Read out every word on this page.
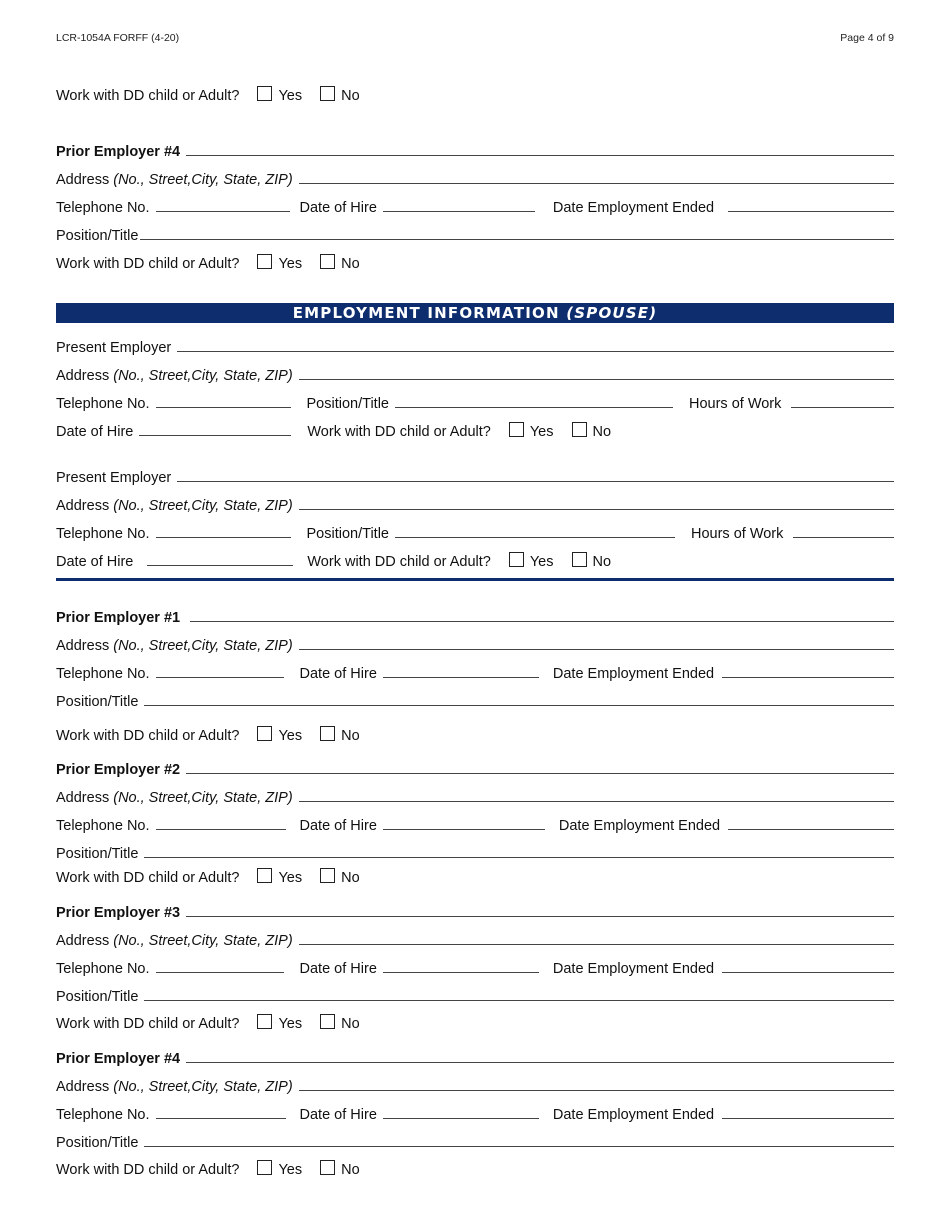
LCR-1054A FORFF (4-20)	Page 4 of 9
Work with DD child or Adult?	Yes	No
Prior Employer #4
Address
(No., Street,City, State, ZIP)
Telephone No.	Date of Hire	Date Employment Ended
Position/Title
Work with DD child or Adult?	Yes	No
EMPLOYMENT INFORMATION (SPOUSE)
Present Employer
Address
(No., Street,City, State, ZIP)
Telephone No.	Position/Title	Hours of Work
Date of Hire	Work with DD child or Adult?	Yes	No
Present Employer
Address
(No., Street,City, State, ZIP)
Telephone No.	Position/Title	Hours of Work
Date of Hire	Work with DD child or Adult?	Yes	No
Prior Employer #1
Address
(No., Street,City, State, ZIP)
Telephone No.	Date of Hire	Date Employment Ended
Position/Title
Work with DD child or Adult?	Yes	No
Prior Employer #2
Address
(No., Street,City, State, ZIP)
Telephone No.	Date of Hire	Date Employment Ended
Position/Title
Work with DD child or Adult?	Yes	No
Prior Employer #3
Address
(No., Street,City, State, ZIP)
Telephone No.	Date of Hire	Date Employment Ended
Position/Title
Work with DD child or Adult?	Yes	No
Prior Employer #4
Address
(No., Street,City, State, ZIP)
Telephone No.	Date of Hire	Date Employment Ended
Position/Title
Work with DD child or Adult?	Yes	No
